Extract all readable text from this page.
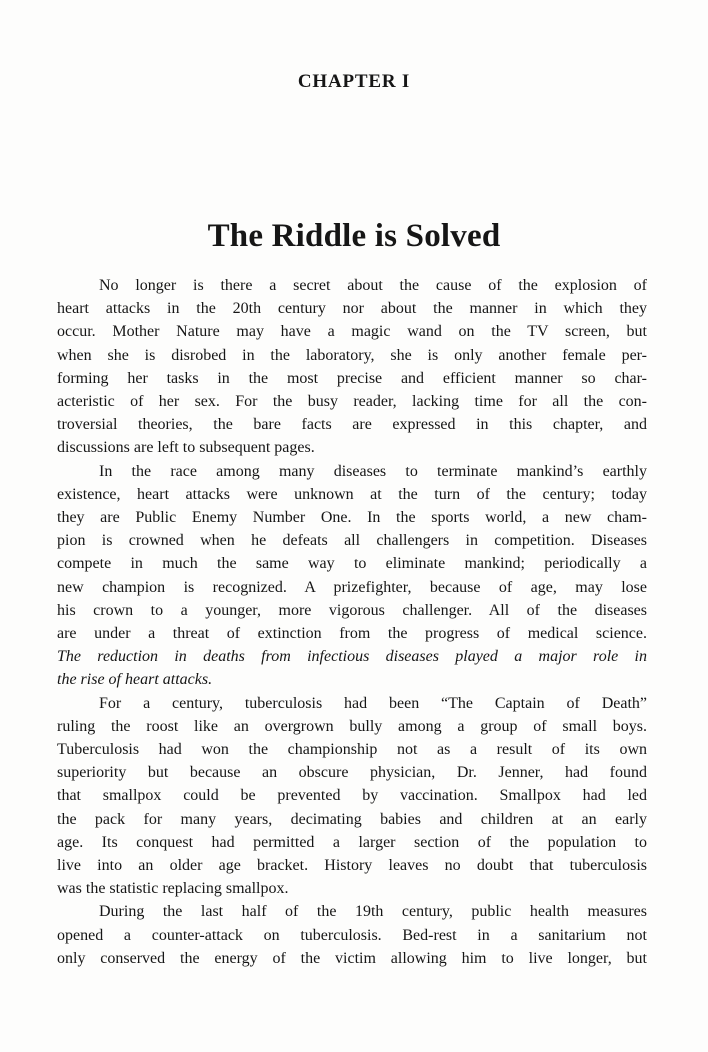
CHAPTER I
The Riddle is Solved
No longer is there a secret about the cause of the explosion of
heart attacks in the 20th century nor about the manner in which they
occur. Mother Nature may have a magic wand on the TV screen, but
when she is disrobed in the laboratory, she is only another female per-
forming her tasks in the most precise and efficient manner so char-
acteristic of her sex. For the busy reader, lacking time for all the con-
troversial theories, the bare facts are expressed in this chapter, and
discussions are left to subsequent pages.
In the race among many diseases to terminate mankind’s earthly
existence, heart attacks were unknown at the turn of the century; today
they are Public Enemy Number One. In the sports world, a new cham-
pion is crowned when he defeats all challengers in competition. Diseases
compete in much the same way to eliminate mankind; periodically a
new champion is recognized. A prizefighter, because of age, may lose
his crown to a younger, more vigorous challenger. All of the diseases
are under a threat of extinction from the progress of medical science.
The reduction in deaths from infectious diseases played a major role in
the rise of heart attacks.
For a century, tuberculosis had been “The Captain of Death”
ruling the roost like an overgrown bully among a group of small boys.
Tuberculosis had won the championship not as a result of its own
superiority but because an obscure physician, Dr. Jenner, had found
that smallpox could be prevented by vaccination. Smallpox had led
the pack for many years, decimating babies and children at an early
age. Its conquest had permitted a larger section of the population to
live into an older age bracket. History leaves no doubt that tuberculosis
was the statistic replacing smallpox.
During the last half of the 19th century, public health measures
opened a counter-attack on tuberculosis. Bed-rest in a sanitarium not
only conserved the energy of the victim allowing him to live longer, but
